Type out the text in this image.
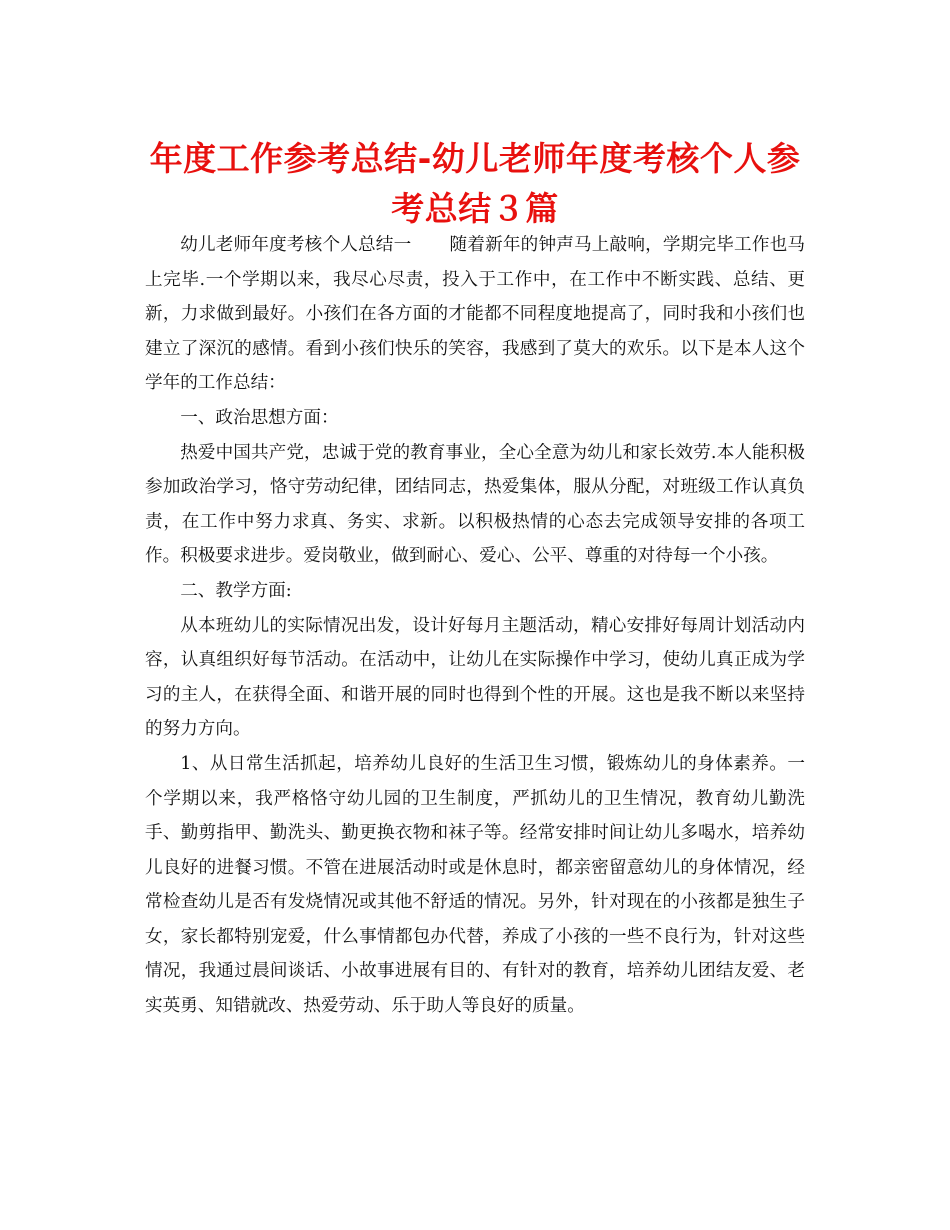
年度工作参考总结-幼儿老师年度考核个人参考总结３篇

幼儿老师年度考核个人总结一 随着新年的钟声马上敲响，学期完毕工作也马上完毕.一个学期以来，我尽心尽责，投入于工作中，在工作中不断实践、总结、更新，力求做到最好。小孩们在各方面的才能都不同程度地提高了，同时我和小孩们也建立了深沉的感情。看到小孩们快乐的笑容，我感到了莫大的欢乐。以下是本人这个学年的工作总结：

一、政治思想方面：

热爱中国共产党，忠诚于党的教育事业，全心全意为幼儿和家长效劳.本人能积极参加政治学习，恪守劳动纪律，团结同志，热爱集体，服从分配，对班级工作认真负责，在工作中努力求真、务实、求新。以积极热情的心态去完成领导安排的各项工作。积极要求进步。爱岗敬业，做到耐心、爱心、公平、尊重的对待每一个小孩。

二、教学方面:

从本班幼儿的实际情况出发，设计好每月主题活动，精心安排好每周计划活动内容，认真组织好每节活动。在活动中，让幼儿在实际操作中学习，使幼儿真正成为学习的主人，在获得全面、和谐开展的同时也得到个性的开展。这也是我不断以来坚持的努力方向。

1、从日常生活抓起，培养幼儿良好的生活卫生习惯，锻炼幼儿的身体素养。一个学期以来，我严格恪守幼儿园的卫生制度，严抓幼儿的卫生情况，教育幼儿勤洗手、勤剪指甲、勤洗头、勤更换衣物和袜子等。经常安排时间让幼儿多喝水，培养幼儿良好的进餐习惯。不管在进展活动时或是休息时，都亲密留意幼儿的身体情况，经常检查幼儿是否有发烧情况或其他不舒适的情况。另外，针对现在的小孩都是独生子女，家长都特别宠爱，什么事情都包办代替，养成了小孩的一些不良行为，针对这些情况，我通过晨间谈话、小故事进展有目的、有针对的教育，培养幼儿团结友爱、老实英勇、知错就改、热爱劳动、乐于助人等良好的质量。
